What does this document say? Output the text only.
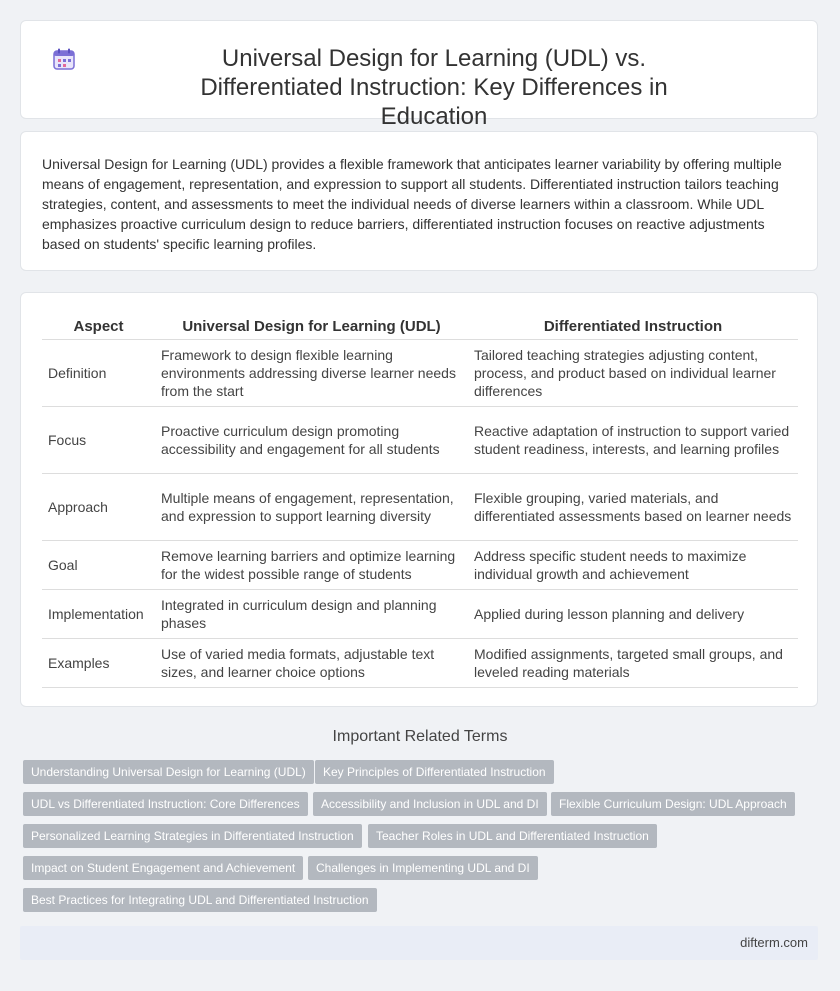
Universal Design for Learning (UDL) vs. Differentiated Instruction: Key Differences in Education

Universal Design for Learning (UDL) provides a flexible framework that anticipates learner variability by offering multiple means of engagement, representation, and expression to support all students. Differentiated instruction tailors teaching strategies, content, and assessments to meet the individual needs of diverse learners within a classroom. While UDL emphasizes proactive curriculum design to reduce barriers, differentiated instruction focuses on reactive adjustments based on students' specific learning profiles.

Aspect	Universal Design for Learning (UDL)	Differentiated Instruction
Definition	Framework to design flexible learning environments addressing diverse learner needs from the start	Tailored teaching strategies adjusting content, process, and product based on individual learner differences
Focus	Proactive curriculum design promoting accessibility and engagement for all students	Reactive adaptation of instruction to support varied student readiness, interests, and learning profiles
Approach	Multiple means of engagement, representation, and expression to support learning diversity	Flexible grouping, varied materials, and differentiated assessments based on learner needs
Goal	Remove learning barriers and optimize learning for the widest possible range of students	Address specific student needs to maximize individual growth and achievement
Implementation	Integrated in curriculum design and planning phases	Applied during lesson planning and delivery
Examples	Use of varied media formats, adjustable text sizes, and learner choice options	Modified assignments, targeted small groups, and leveled reading materials
Important Related Terms
Understanding Universal Design for Learning (UDL)	Key Principles of Differentiated Instruction
UDL vs Differentiated Instruction: Core Differences	Accessibility and Inclusion in UDL and DI	Flexible Curriculum Design: UDL Approach
Personalized Learning Strategies in Differentiated Instruction	Teacher Roles in UDL and Differentiated Instruction
Impact on Student Engagement and Achievement	Challenges in Implementing UDL and DI
Best Practices for Integrating UDL and Differentiated Instruction
difterm.com
